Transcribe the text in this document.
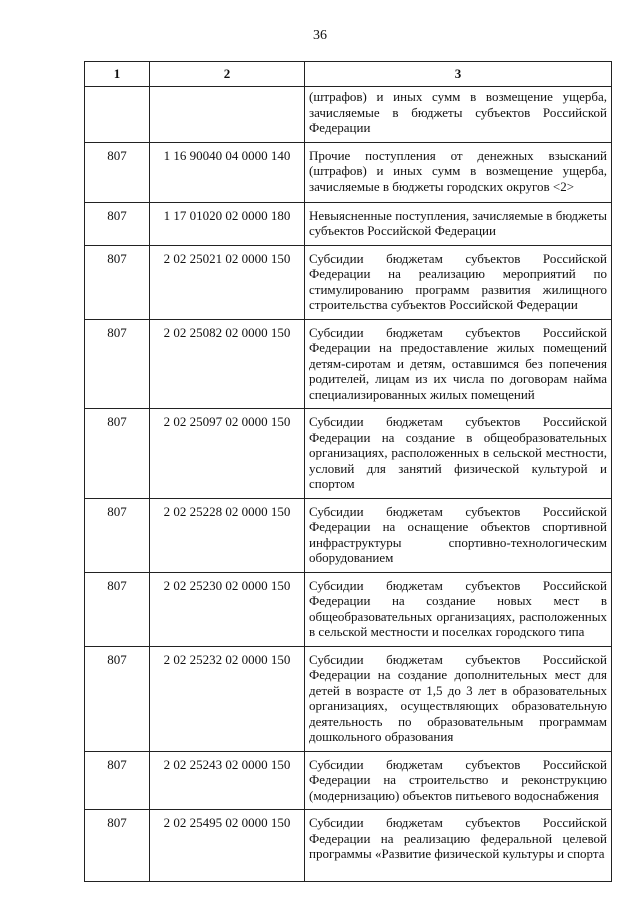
36
1	2	3
		(штрафов) и иных сумм в возмещение ущерба, зачисляемые в бюджеты субъектов Российской Федерации
807	1 16 90040 04 0000 140	Прочие поступления от денежных взысканий (штрафов) и иных сумм в возмещение ущерба, зачисляемые в бюджеты городских округов <2>
807	1 17 01020 02 0000 180	Невыясненные поступления, зачисляемые в бюджеты субъектов Российской Федерации
807	2 02 25021 02 0000 150	Субсидии бюджетам субъектов Российской Федерации на реализацию мероприятий по стимулированию программ развития жилищного строительства субъектов Российской Федерации
807	2 02 25082 02 0000 150	Субсидии бюджетам субъектов Российской Федерации на предоставление жилых помещений детям-сиротам и детям, оставшимся без попечения родителей, лицам из их числа по договорам найма специализированных жилых помещений
807	2 02 25097 02 0000 150	Субсидии бюджетам субъектов Российской Федерации на создание в общеобразовательных организациях, расположенных в сельской местности, условий для занятий физической культурой и спортом
807	2 02 25228 02 0000 150	Субсидии бюджетам субъектов Российской Федерации на оснащение объектов спортивной инфраструктуры спортивно-технологическим оборудованием
807	2 02 25230 02 0000 150	Субсидии бюджетам субъектов Российской Федерации на создание новых мест в общеобразовательных организациях, расположенных в сельской местности и поселках городского типа
807	2 02 25232 02 0000 150	Субсидии бюджетам субъектов Российской Федерации на создание дополнительных мест для детей в возрасте от 1,5 до 3 лет в образовательных организациях, осуществляющих образовательную деятельность по образовательным программам дошкольного образования
807	2 02 25243 02 0000 150	Субсидии бюджетам субъектов Российской Федерации на строительство и реконструкцию (модернизацию) объектов питьевого водоснабжения
807	2 02 25495 02 0000 150	Субсидии бюджетам субъектов Российской Федерации на реализацию федеральной целевой программы «Развитие физической культуры и спорта
